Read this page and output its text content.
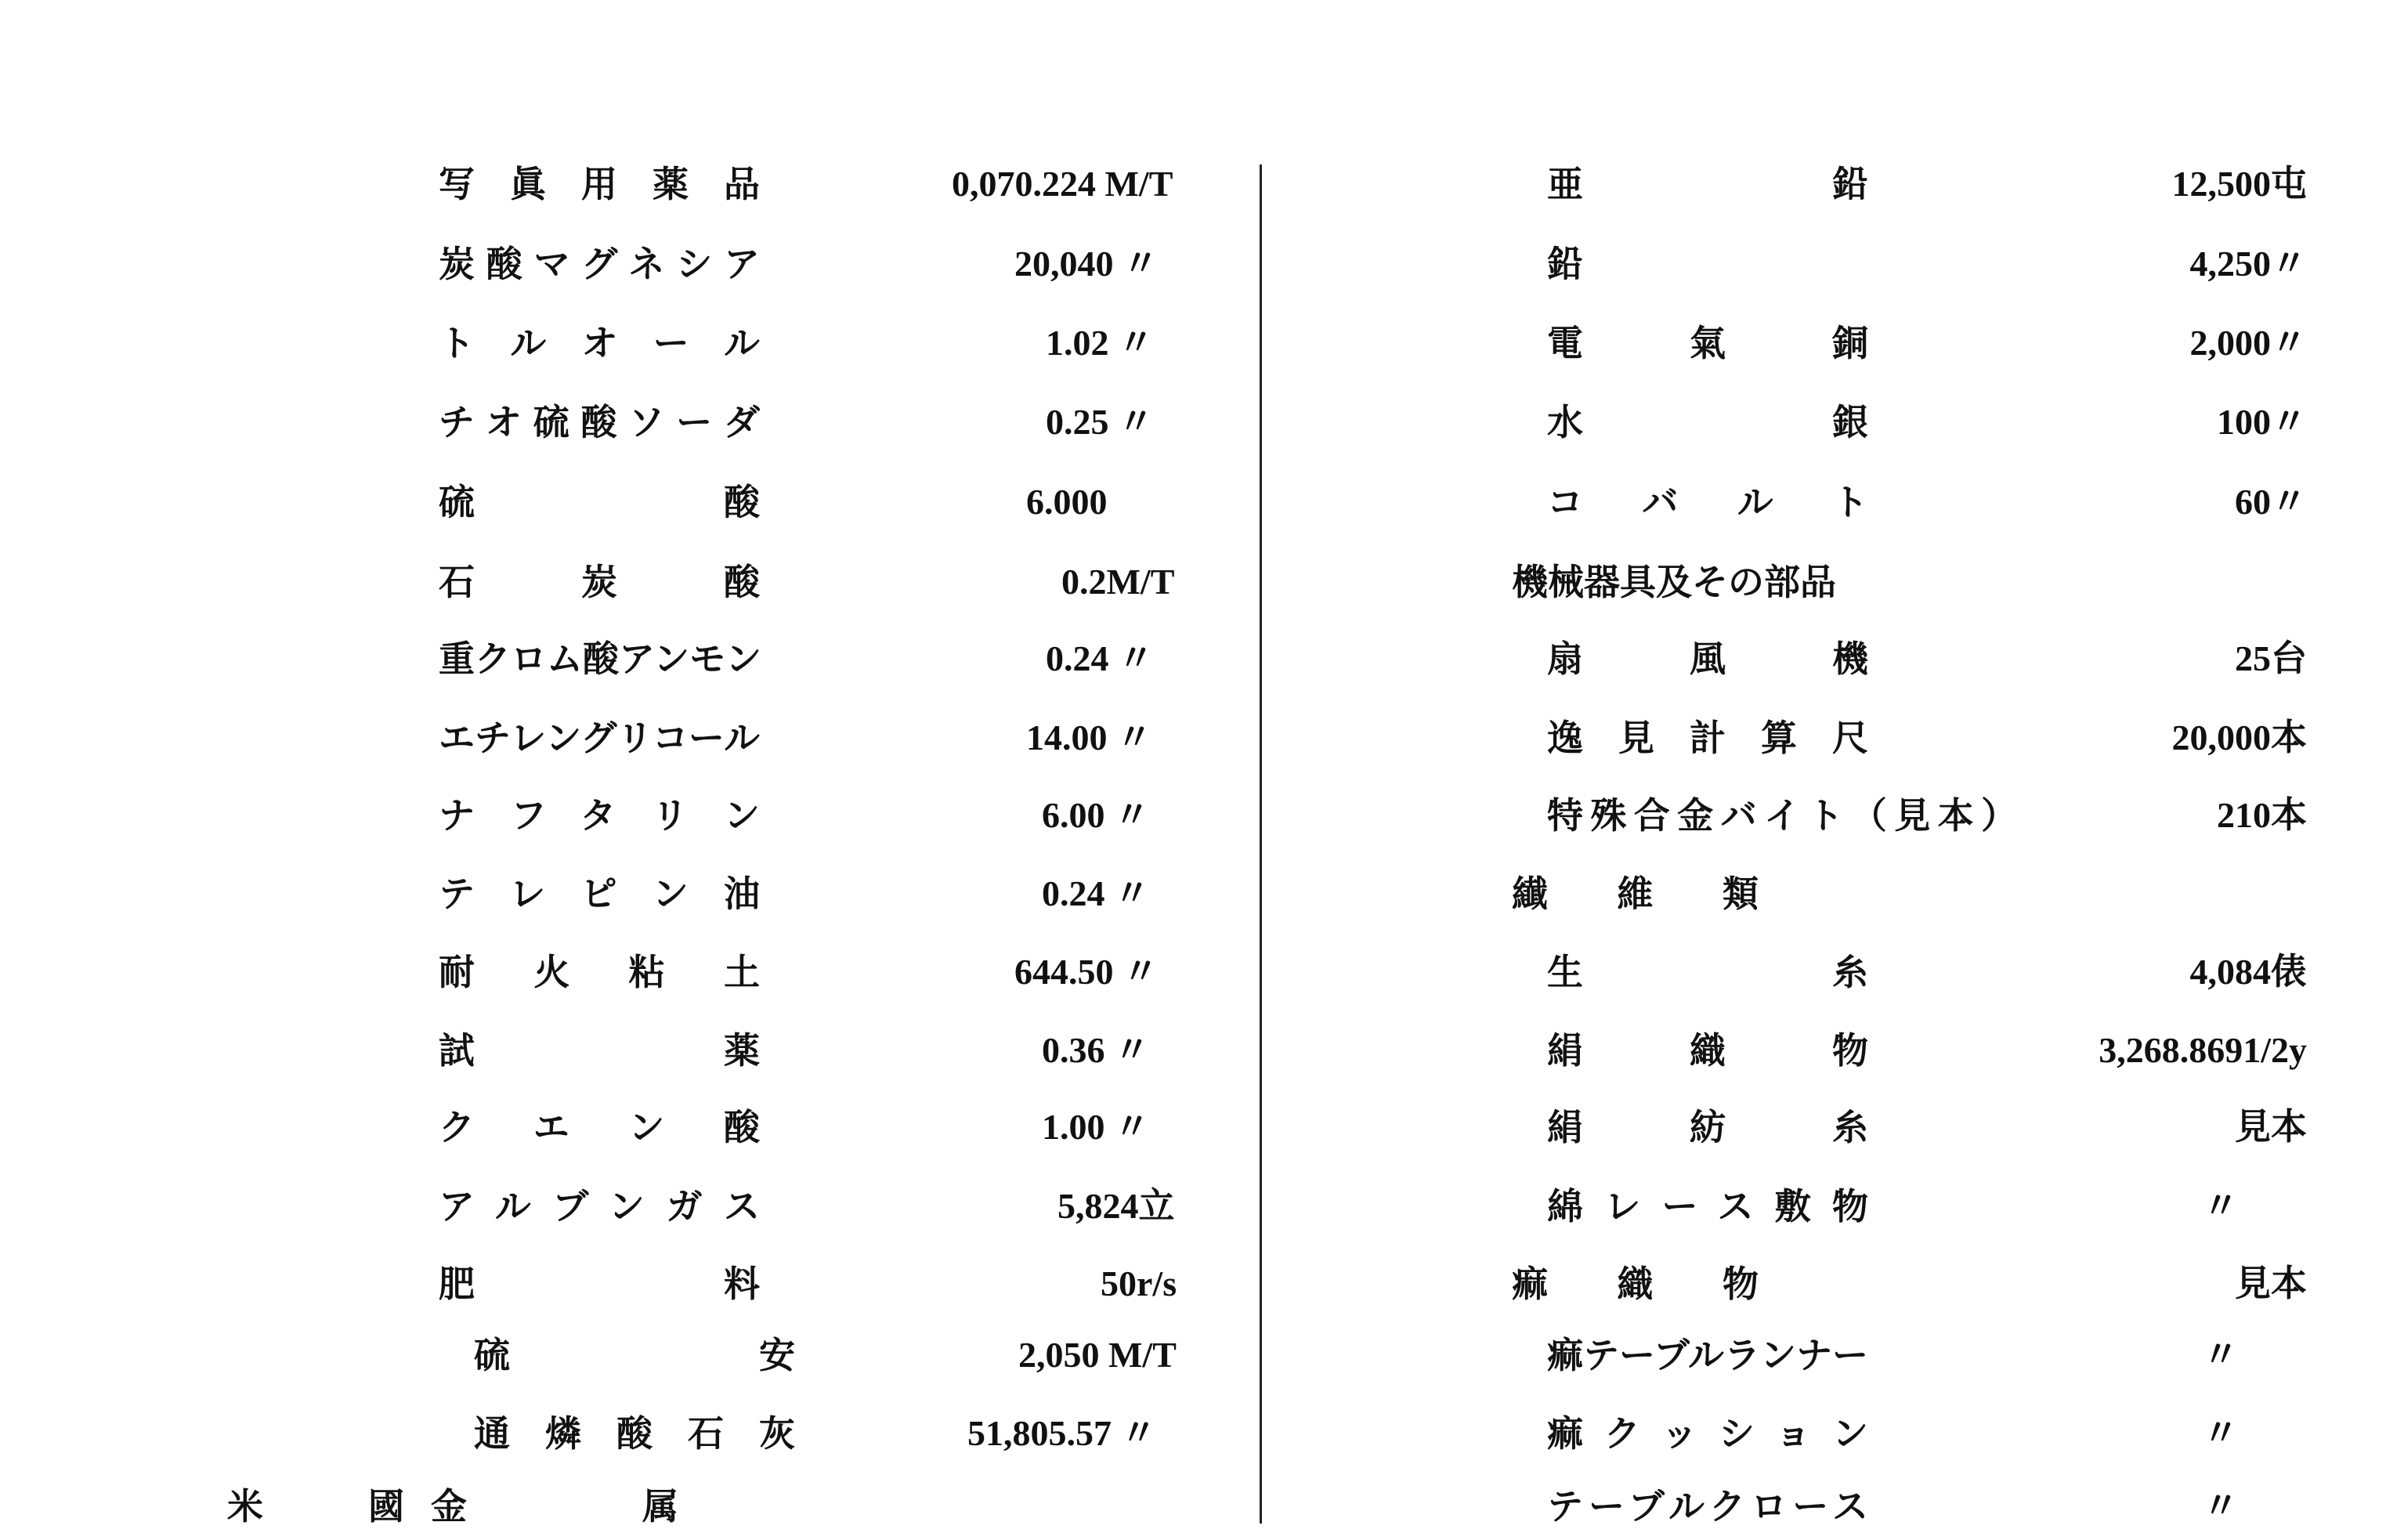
写眞用薬品	0,070.224 M/T
炭酸マグネシア	20,040 〃
トルオール	1.02 〃
チオ硫酸ソーダ	0.25 〃
硫酸	6.000
石炭酸	0.2M/T
重クロム酸アンモン	0.24 〃
エチレングリコール	14.00 〃
ナフタリン	6.00 〃
テレピン油	0.24 〃
耐火粘土	644.50 〃
試薬	0.36 〃
クエン酸	1.00 〃
アルブンガス	5,824立
肥料	50r/s
硫安	2,050 M/T
通燐酸石灰	51,805.57 〃
米	國 金	属
亜鉛	12,500屯
鉛	4,250〃
電氣銅	2,000〃
水銀	100〃
コバルト	60〃
機械器具及その部品
扇風機	25台
逸見計算尺	20,000本
特殊合金バイト（見本）	210本
纎維類
生糸	4,084俵
絹織物	3,268.8691/2y
絹紡糸	見本
綿レース敷物	〃
痲織物	見本
痲テーブルランナー	〃
痲クッション	〃
テーブルクロース	〃
